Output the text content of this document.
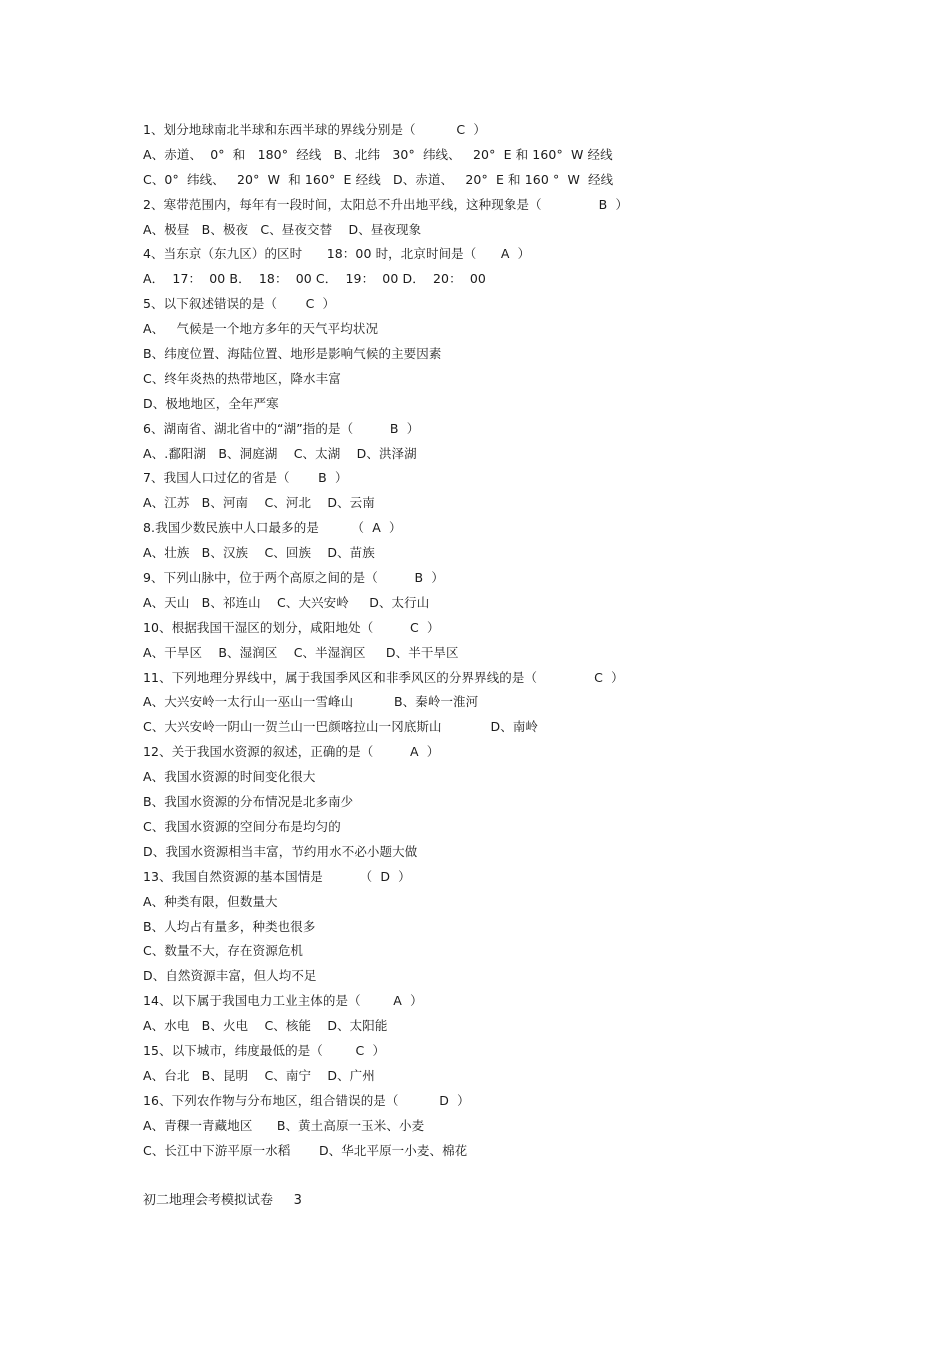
1、划分地球南北半球和东西半球的界线分别是（          C  ）
A、赤道、  0°  和   180°  经线   B、北纬   30°  纬线、   20°  E 和 160°  W 经线
C、0°  纬线、   20°  W  和 160°  E 经线   D、赤道、   20°  E 和 160 °  W  经线
2、寒带范围内，每年有一段时间，太阳总不升出地平线，这种现象是（              B  ）
A、极昼   B、极夜   C、昼夜交替    D、昼夜现象
4、当东京（东九区）的区时      18：00 时，北京时间是（      A  ）
A．  17：  00 B．  18：  00 C．  19：  00 D．  20：  00
5、以下叙述错误的是（       C  ）
A、   气候是一个地方多年的天气平均状况
B、纬度位置、海陆位置、地形是影响气候的主要因素
C、终年炎热的热带地区，降水丰富
D、极地地区，全年严寒
6、湖南省、湖北省中的“湖”指的是（         B  ）
A、.鄱阳湖   B、洞庭湖    C、太湖    D、洪泽湖
7、我国人口过亿的省是（       B  ）
A、江苏   B、河南    C、河北    D、云南
8.我国少数民族中人口最多的是        （  A  ）
A、壮族   B、汉族    C、回族    D、苗族
9、下列山脉中，位于两个高原之间的是（         B  ）
A、天山   B、祁连山    C、大兴安岭     D、太行山
10、根据我国干湿区的划分，咸阳地处（         C  ）
A、干旱区    B、湿润区    C、半湿润区     D、半干旱区
11、下列地理分界线中，属于我国季风区和非季风区的分界界线的是（              C  ）
A、大兴安岭一太行山一巫山一雪峰山          B、秦岭一淮河
C、大兴安岭一阴山一贺兰山一巴颜喀拉山一冈底斯山            D、南岭
12、关于我国水资源的叙述，正确的是（         A  ）
A、我国水资源的时间变化很大
B、我国水资源的分布情况是北多南少
C、我国水资源的空间分布是均匀的
D、我国水资源相当丰富，节约用水不必小题大做
13、我国自然资源的基本国情是         （  D  ）
A、种类有限，但数量大
B、人均占有量多，种类也很多
C、数量不大，存在资源危机
D、自然资源丰富，但人均不足
14、以下属于我国电力工业主体的是（        A  ）
A、水电   B、火电    C、核能    D、太阳能
15、以下城市，纬度最低的是（        C  ）
A、台北   B、昆明    C、南宁    D、广州
16、下列农作物与分布地区，组合错误的是（          D  ）
A、青稞一青藏地区      B、黄土高原一玉米、小麦
C、长江中下游平原一水稻       D、华北平原一小麦、棉花
初二地理会考模拟试卷     3
